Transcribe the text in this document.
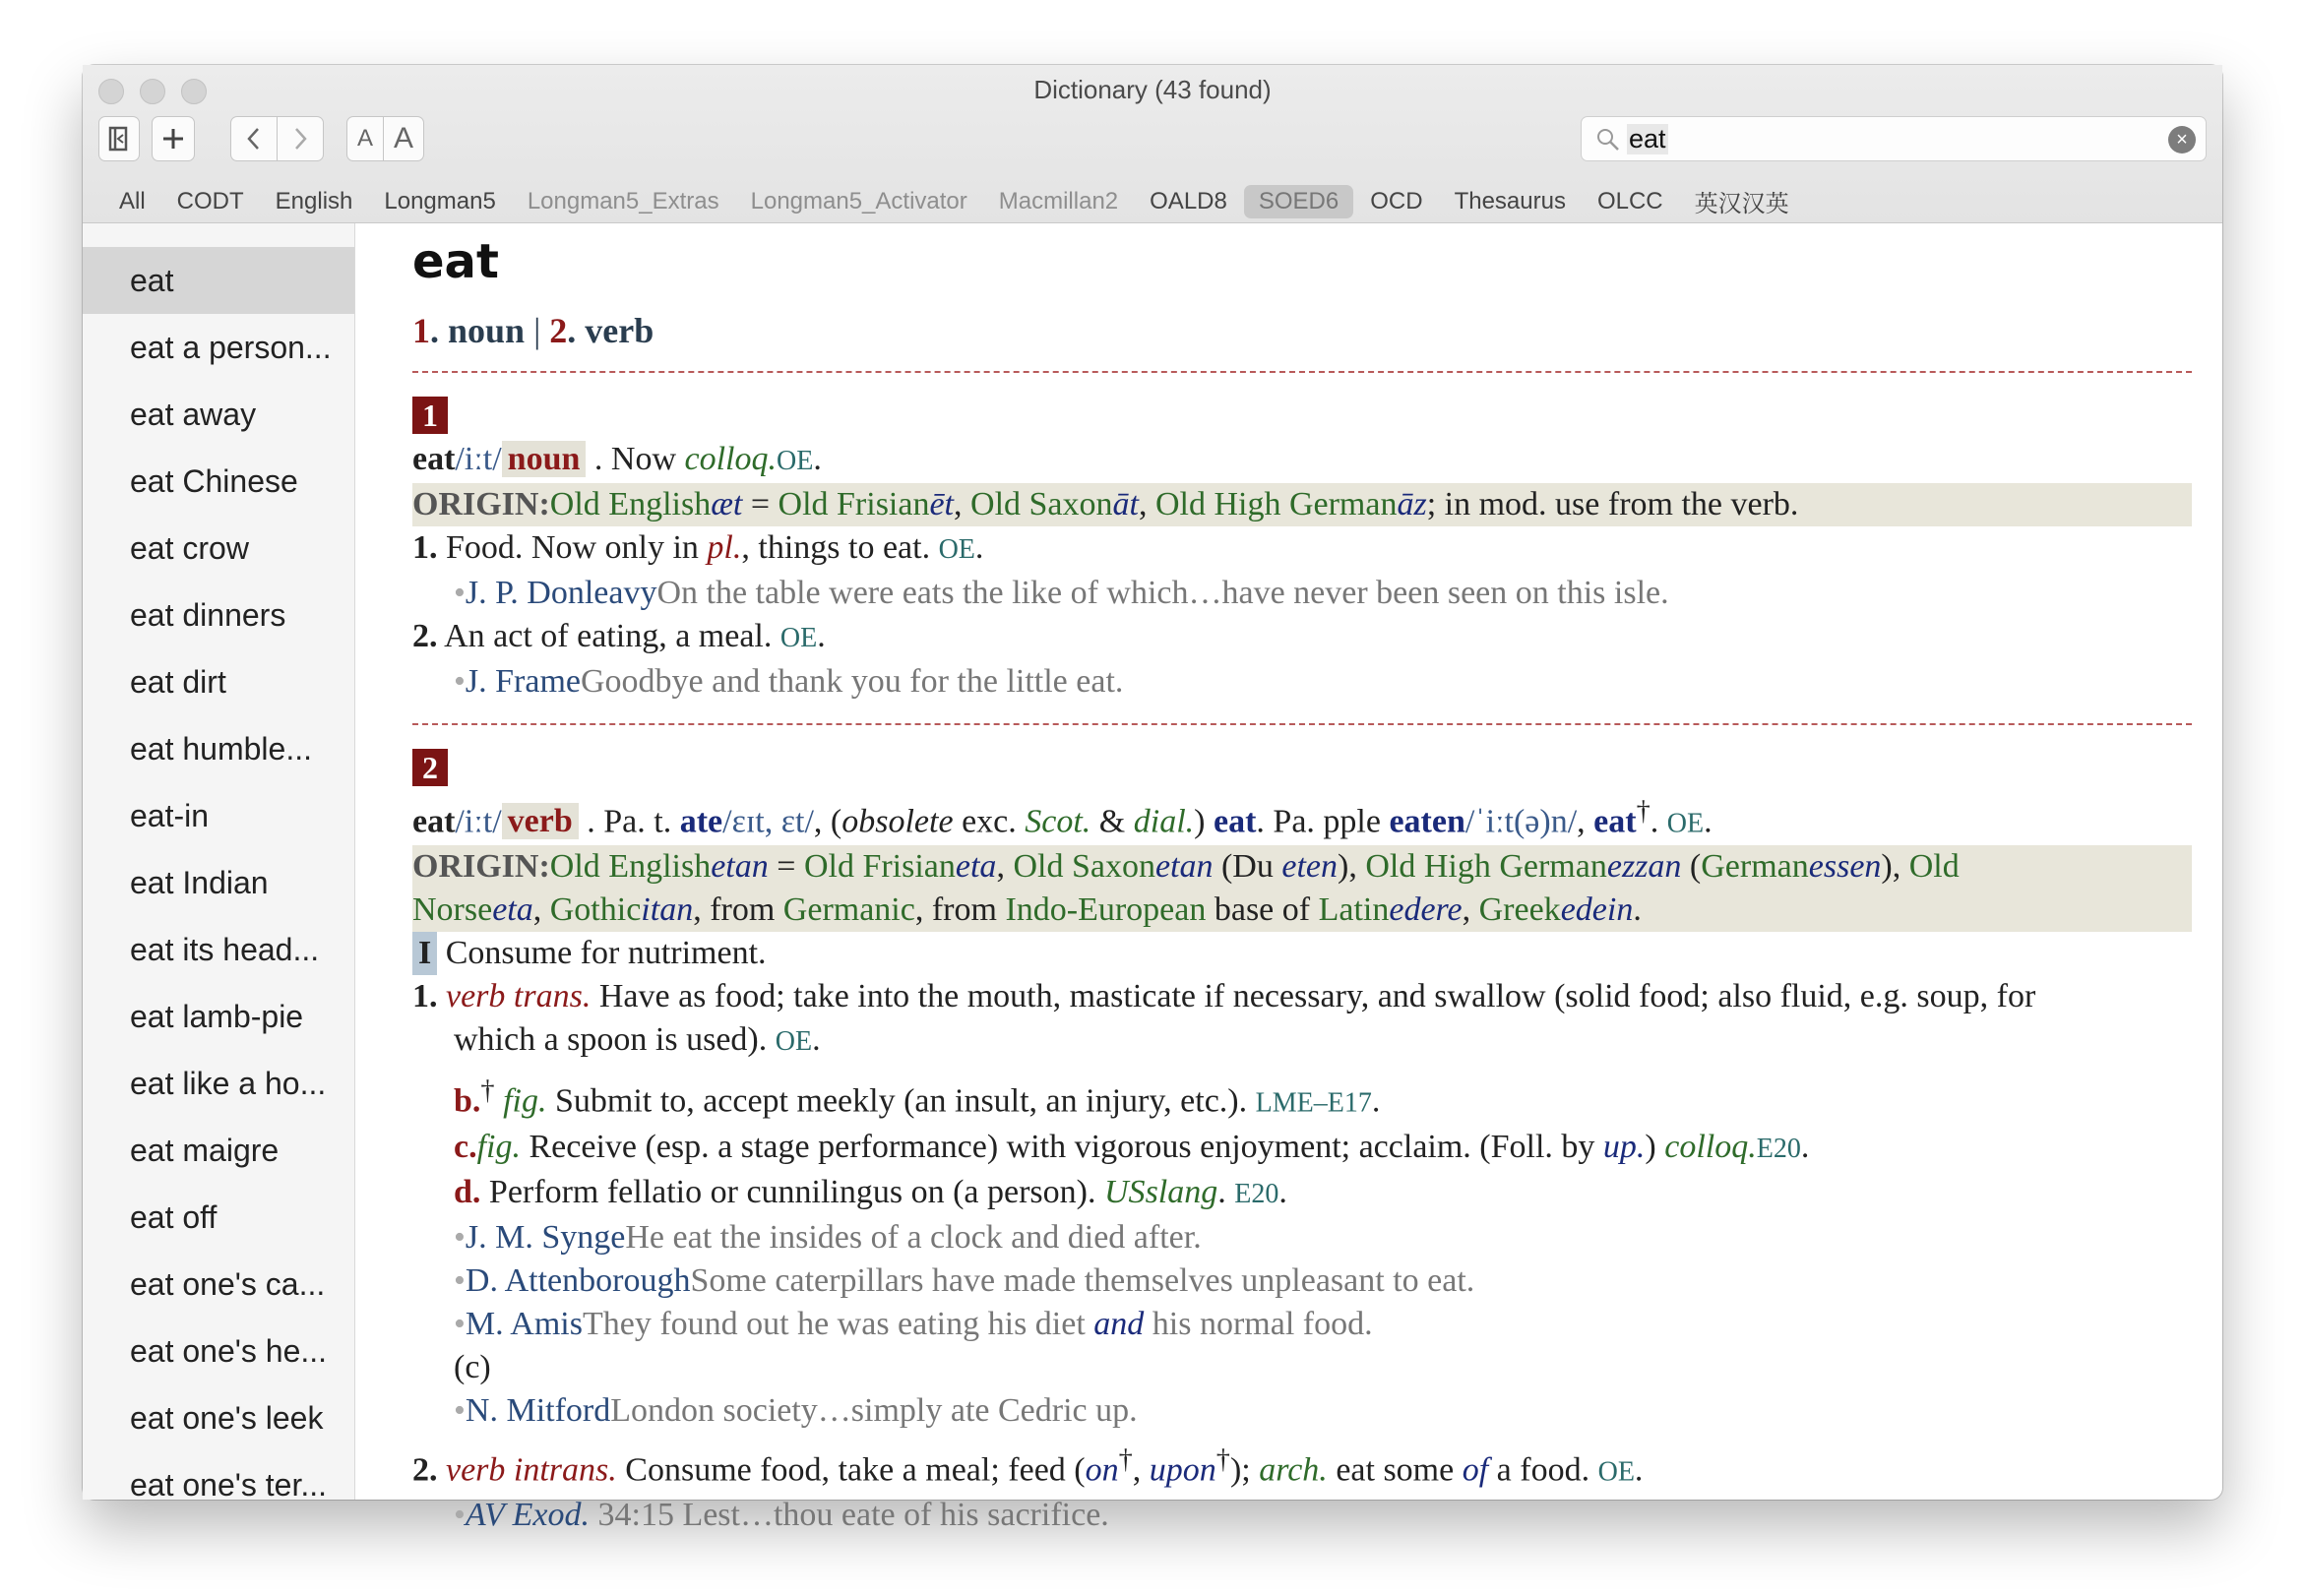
Dictionary (43 found)
A A	eat	×
All	CODT	English	Longman5	Longman5_Extras	Longman5_Activator	Macmillan2	OALD8	SOED6	OCD	Thesaurus	OLCC	英汉汉英
eat
eat a person...
eat away
eat Chinese
eat crow
eat dinners
eat dirt
eat humble...
eat-in
eat Indian
eat its head...
eat lamb-pie
eat like a ho...
eat maigre
eat off
eat one's ca...
eat one's he...
eat one's leek
eat one's ter...
eat
1. noun | 2. verb
1
eat/iːt/ noun . Now colloq.OE.
ORIGIN:Old Englishæt = Old Frisianēt, Old Saxonāt, Old High Germanāz; in mod. use from the verb.
1. Food. Now only in pl., things to eat. OE.
•J. P. DonleavyOn the table were eats the like of which…have never been seen on this isle.
2. An act of eating, a meal. OE.
•J. FrameGoodbye and thank you for the little eat.
2
eat/iːt/ verb . Pa. t. ate/ɛɪt, ɛt/, (obsolete exc. Scot. & dial.) eat. Pa. pple eaten/ˈiːt(ə)n/, eat†. OE.
ORIGIN:Old Englishetan = Old Frisianeta, Old Saxonetan (Du eten), Old High Germanezzan (Germanessen), Old
Norseeta, Gothicitan, from Germanic, from Indo-European base of Latinedere, Greekedein.
I Consume for nutriment.
1. verb trans. Have as food; take into the mouth, masticate if necessary, and swallow (solid food; also fluid, e.g. soup, for
which a spoon is used). OE.
b.† fig. Submit to, accept meekly (an insult, an injury, etc.). LME–E17.
c.fig. Receive (esp. a stage performance) with vigorous enjoyment; acclaim. (Foll. by up.) colloq.E20.
d. Perform fellatio or cunnilingus on (a person). USslang. E20.
•J. M. SyngeHe eat the insides of a clock and died after.
•D. AttenboroughSome caterpillars have made themselves unpleasant to eat.
•M. AmisThey found out he was eating his diet and his normal food.
(c)
•N. MitfordLondon society…simply ate Cedric up.
2. verb intrans. Consume food, take a meal; feed (on†, upon†); arch. eat some of a food. OE.
•AV Exod. 34:15 Lest…thou eate of his sacrifice.
